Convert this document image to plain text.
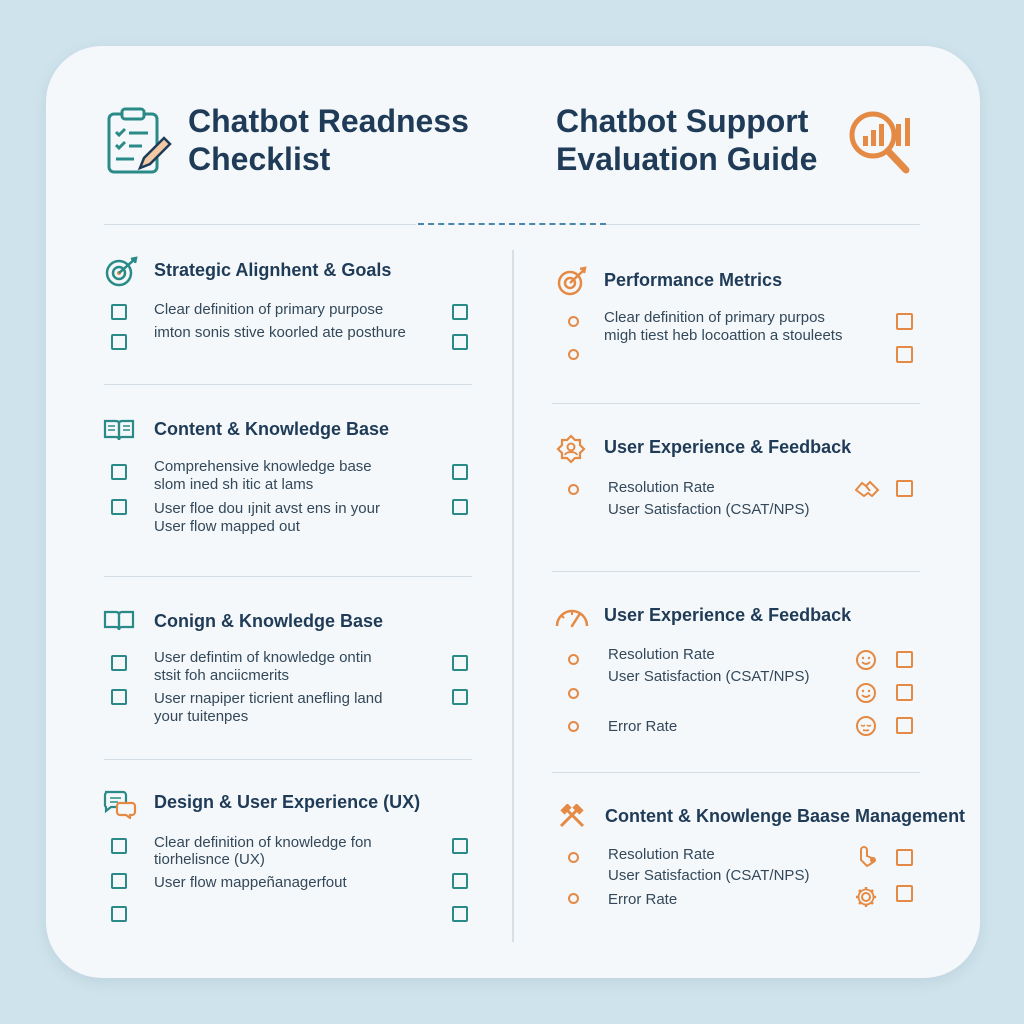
Chatbot Readness
Checklist
Chatbot Support
Evaluation Guide
Strategic Alignhent & Goals
Clear definition of primary purpose
imton sonis stive koorled ate posthure
Content & Knowledge Base
Comprehensive knowledge base
slom ined sh itic at lams
User floe dou ıjnit avst ens in your
User flow mapped out
Conign & Knowledge Base
User defintim of knowledge ontin
stsit foh anciicmerits
User rnapiper ticrient anefling land
your tuitenpes
Design & User Experience (UX)
Clear definition of knowledge fon
tiorhelisnce (UX)
User flow mappeñanagerfout
Performance Metrics
Clear definition of primary purpos
migh tiest heb locoattion a stouleets
User Experience & Feedback
Resolution Rate
User Satisfaction (CSAT/NPS)
User Experience & Feedback
Resolution Rate
User Satisfaction (CSAT/NPS)
Error Rate
Content & Knowlenge Baase Management
Resolution Rate
User Satisfaction (CSAT/NPS)
Error Rate
